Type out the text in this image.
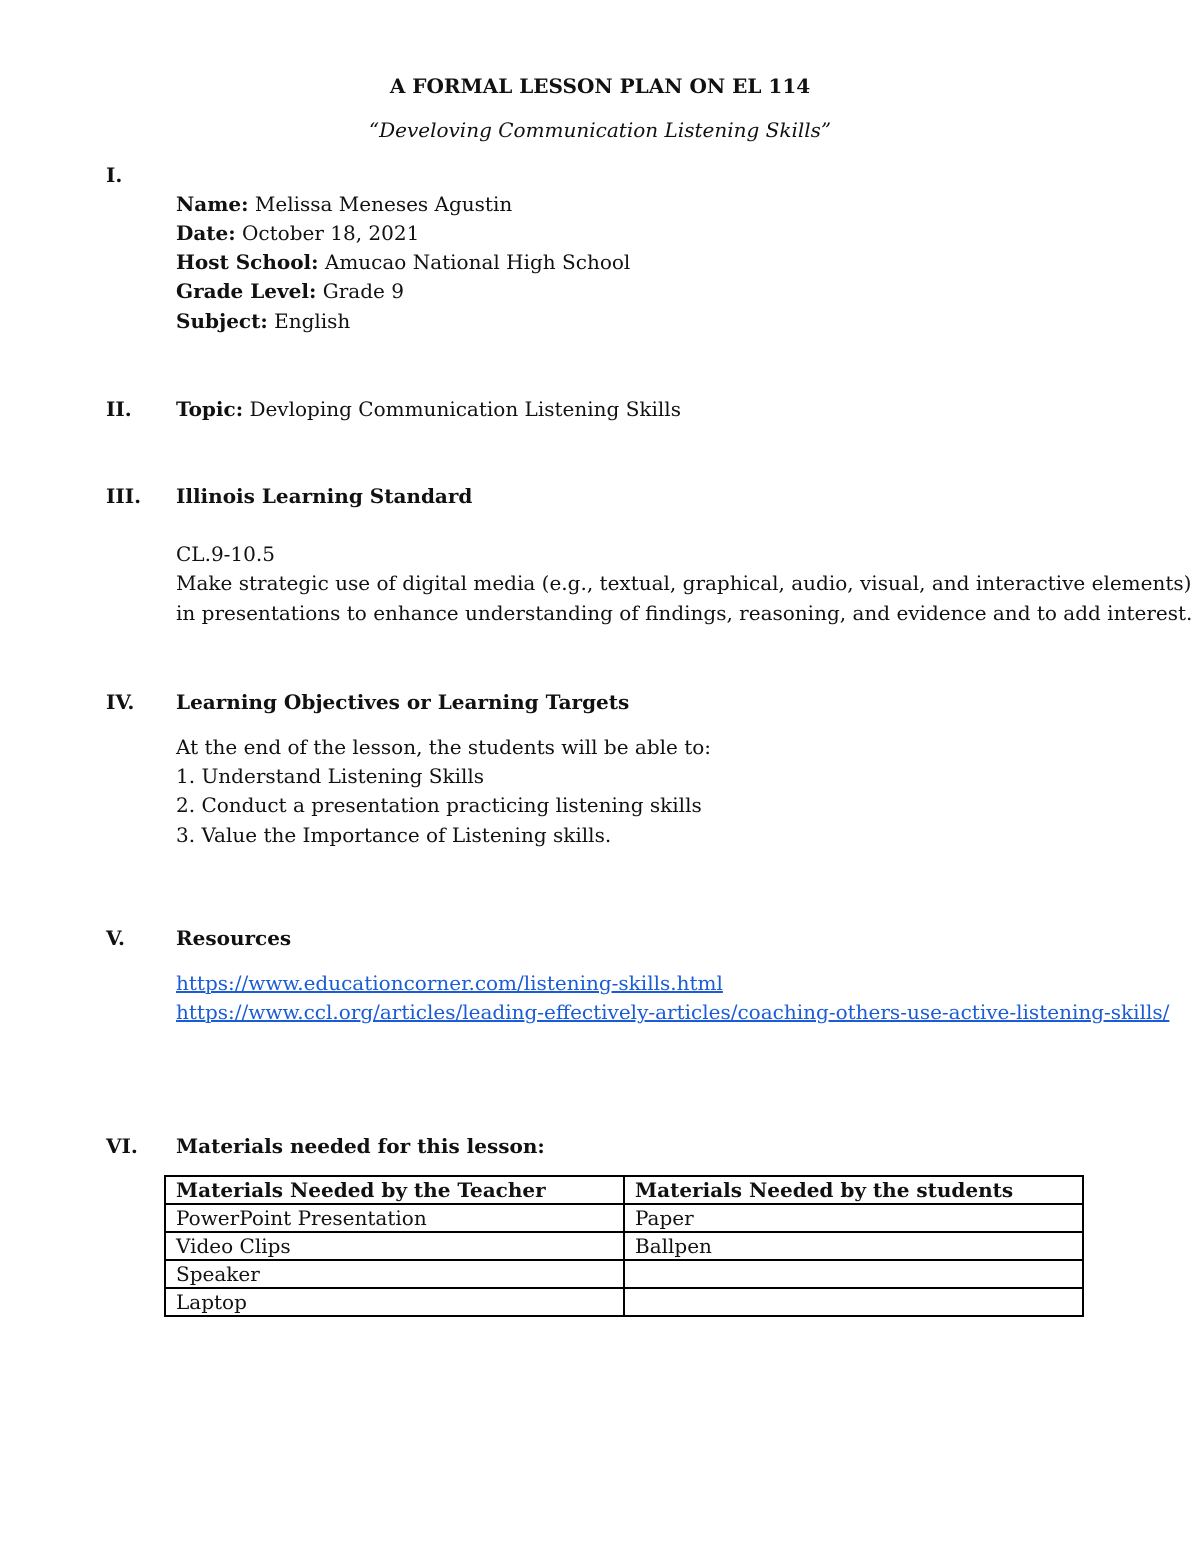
A FORMAL LESSON PLAN ON EL 114
“Develoving Communication Listening Skills”
I.
Name: Melissa Meneses Agustin
Date: October 18, 2021
Host School: Amucao National High School
Grade Level: Grade 9
Subject: English
II. Topic: Devloping Communication Listening Skills
III. Illinois Learning Standard
CL.9-10.5
Make strategic use of digital media (e.g., textual, graphical, audio, visual, and interactive elements)
in presentations to enhance understanding of findings, reasoning, and evidence and to add interest.
IV. Learning Objectives or Learning Targets
At the end of the lesson, the students will be able to:
1. Understand Listening Skills
2. Conduct a presentation practicing listening skills
3. Value the Importance of Listening skills.
V.	Resources
https://www.educationcorner.com/listening-skills.html
https://www.ccl.org/articles/leading-effectively-articles/coaching-others-use-active-listening-skills/
VI. Materials needed for this lesson:
Materials Needed by the Teacher	Materials Needed by the students
PowerPoint Presentation	Paper
Video Clips	Ballpen
Speaker	
Laptop	
